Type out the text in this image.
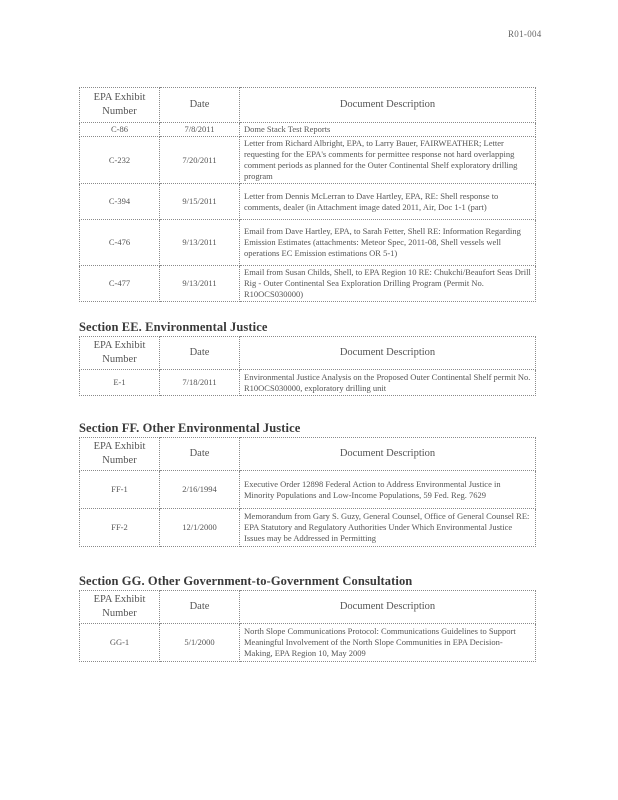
R01-004
EPA Exhibit Number	Date	Document Description
C-86	7/8/2011	Dome Stack Test Reports
C-232	7/20/2011	Letter from Richard Albright, EPA, to Larry Bauer, FAIRWEATHER; Letter requesting for the EPA's comments for permittee response not hard overlapping comment periods as planned for the Outer Continental Shelf exploratory drilling program
C-394	9/15/2011	Letter from Dennis McLerran to Dave Hartley, EPA, RE: Shell response to comments, dealer (in Attachment image dated 2011, Air, Doc 1-1 (part)
C-476	9/13/2011	Email from Dave Hartley, EPA, to Sarah Fetter, Shell RE: Information Regarding Emission Estimates (attachments: Meteor Spec, 2011-08, Shell vessels well operations EC Emission estimations OR 5-1)
C-477	9/13/2011	Email from Susan Childs, Shell, to EPA Region 10 RE: Chukchi/Beaufort Seas Drill Rig - Outer Continental Sea Exploration Drilling Program (Permit No. R10OCS030000)
Section EE. Environmental Justice
EPA Exhibit Number	Date	Document Description
E-1	7/18/2011	Environmental Justice Analysis on the Proposed Outer Continental Shelf permit No. R10OCS030000, exploratory drilling unit
Section FF. Other Environmental Justice
EPA Exhibit Number	Date	Document Description
FF-1	2/16/1994	Executive Order 12898 Federal Action to Address Environmental Justice in Minority Populations and Low-Income Populations, 59 Fed. Reg. 7629
FF-2	12/1/2000	Memorandum from Gary S. Guzy, General Counsel, Office of General Counsel RE: EPA Statutory and Regulatory Authorities Under Which Environmental Justice Issues may be Addressed in Permitting
Section GG. Other Government-to-Government Consultation
EPA Exhibit Number	Date	Document Description
GG-1	5/1/2000	North Slope Communications Protocol: Communications Guidelines to Support Meaningful Involvement of the North Slope Communities in EPA Decision-Making, EPA Region 10, May 2009
